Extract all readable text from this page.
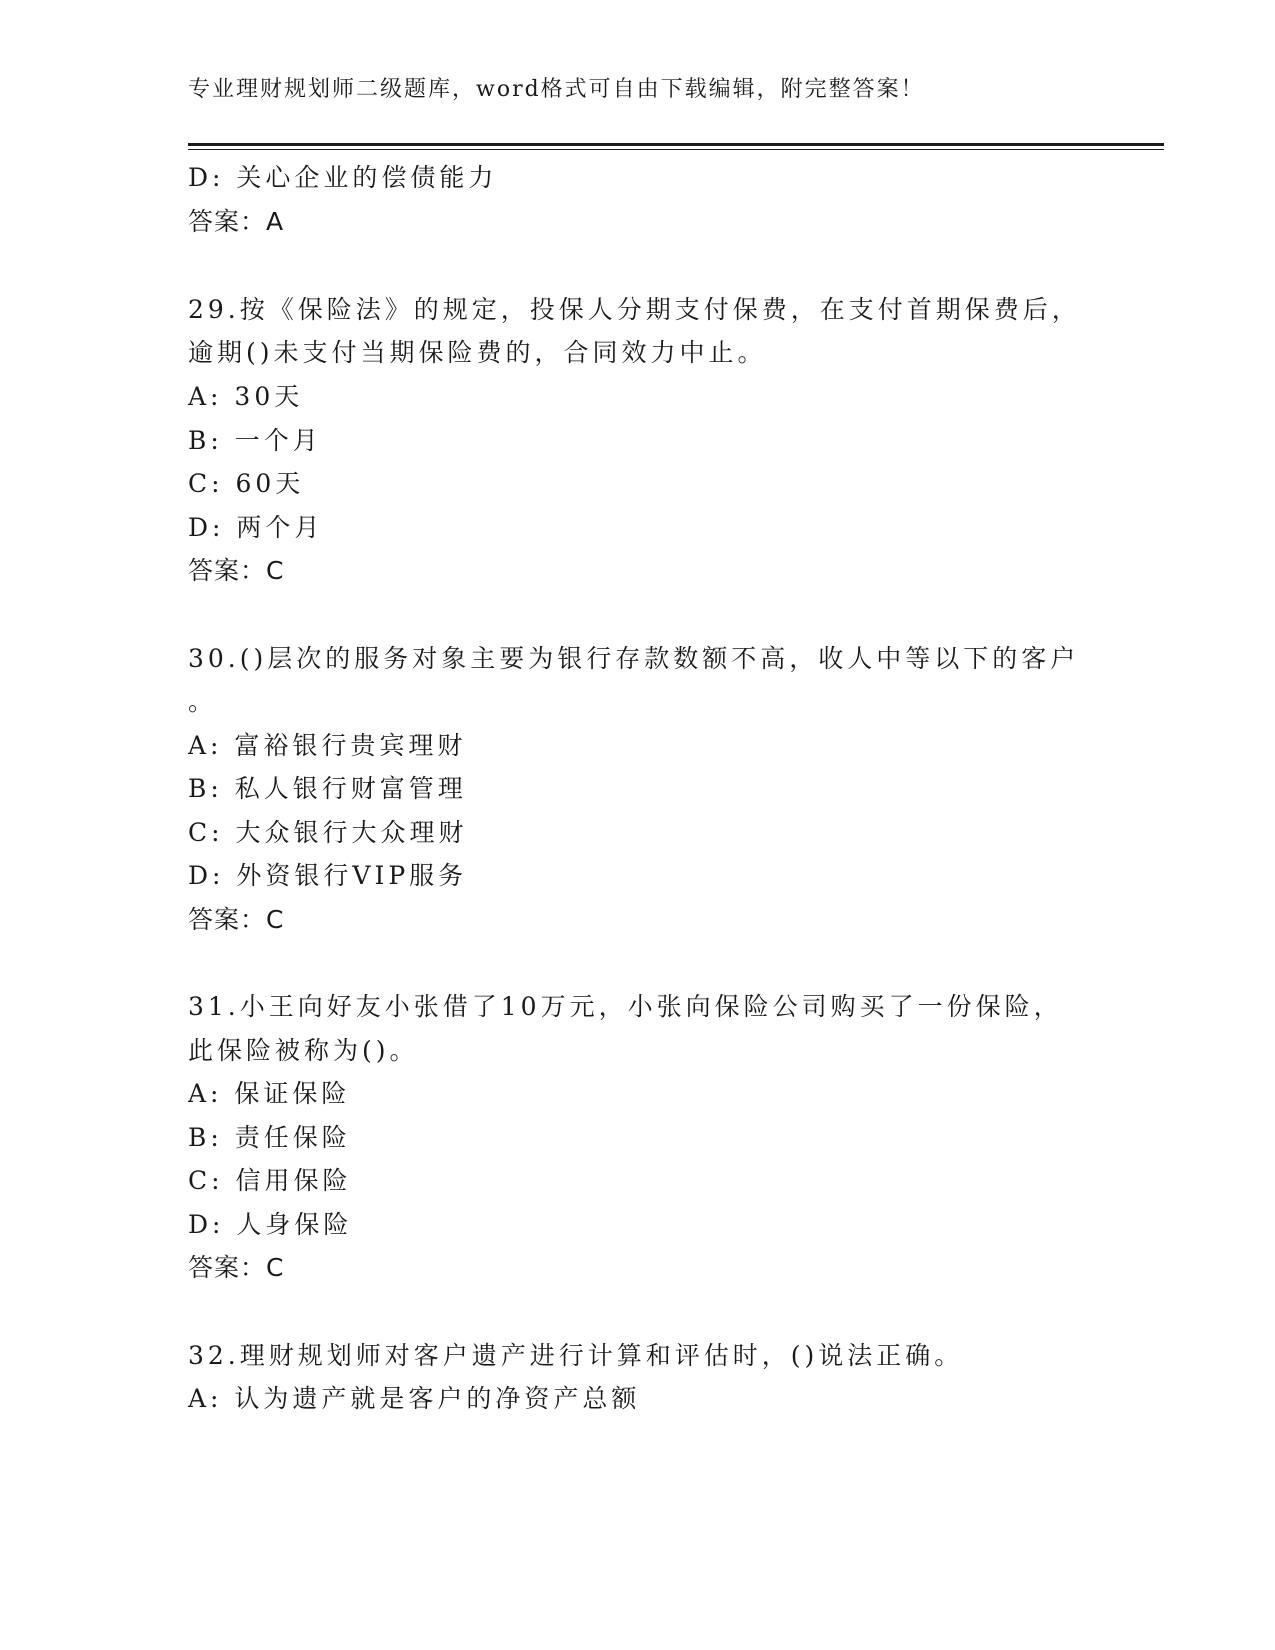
专业理财规划师二级题库，word格式可自由下载编辑，附完整答案！
D: 关心企业的偿债能力
答案：A
29.按《保险法》的规定，投保人分期支付保费，在支付首期保费后，
逾期()未支付当期保险费的，合同效力中止。
A: 30天
B: 一个月
C: 60天
D: 两个月
答案：C
30.()层次的服务对象主要为银行存款数额不高，收人中等以下的客户
。
A: 富裕银行贵宾理财
B: 私人银行财富管理
C: 大众银行大众理财
D: 外资银行VIP服务
答案：C
31.小王向好友小张借了10万元，小张向保险公司购买了一份保险，
此保险被称为()。
A: 保证保险
B: 责任保险
C: 信用保险
D: 人身保险
答案：C
32.理财规划师对客户遗产进行计算和评估时，()说法正确。
A: 认为遗产就是客户的净资产总额
